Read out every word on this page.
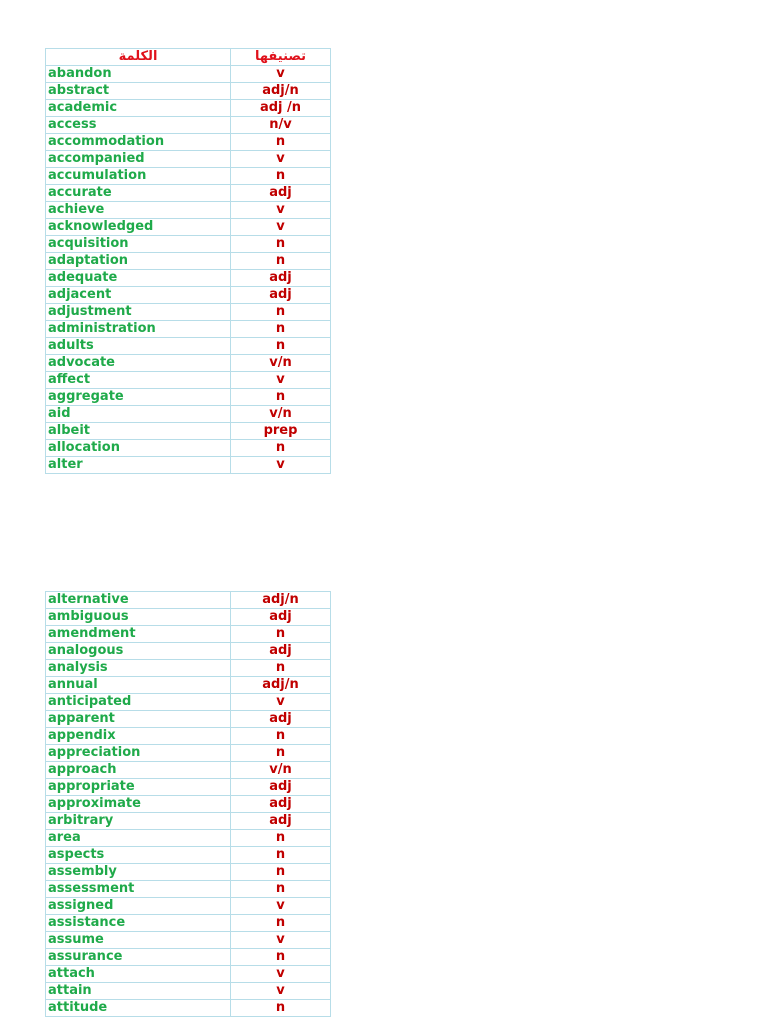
الكلمة	تصنيفها
abandon	v
abstract	adj/n
academic	adj /n
access	n/v
accommodation	n
accompanied	v
accumulation	n
accurate	adj
achieve	v
acknowledged	v
acquisition	n
adaptation	n
adequate	adj
adjacent	adj
adjustment	n
administration	n
adults	n
advocate	v/n
affect	v
aggregate	n
aid	v/n
albeit	prep
allocation	n
alter	v
alternative	adj/n
ambiguous	adj
amendment	n
analogous	adj
analysis	n
annual	adj/n
anticipated	v
apparent	adj
appendix	n
appreciation	n
approach	v/n
appropriate	adj
approximate	adj
arbitrary	adj
area	n
aspects	n
assembly	n
assessment	n
assigned	v
assistance	n
assume	v
assurance	n
attach	v
attain	v
attitude	n
